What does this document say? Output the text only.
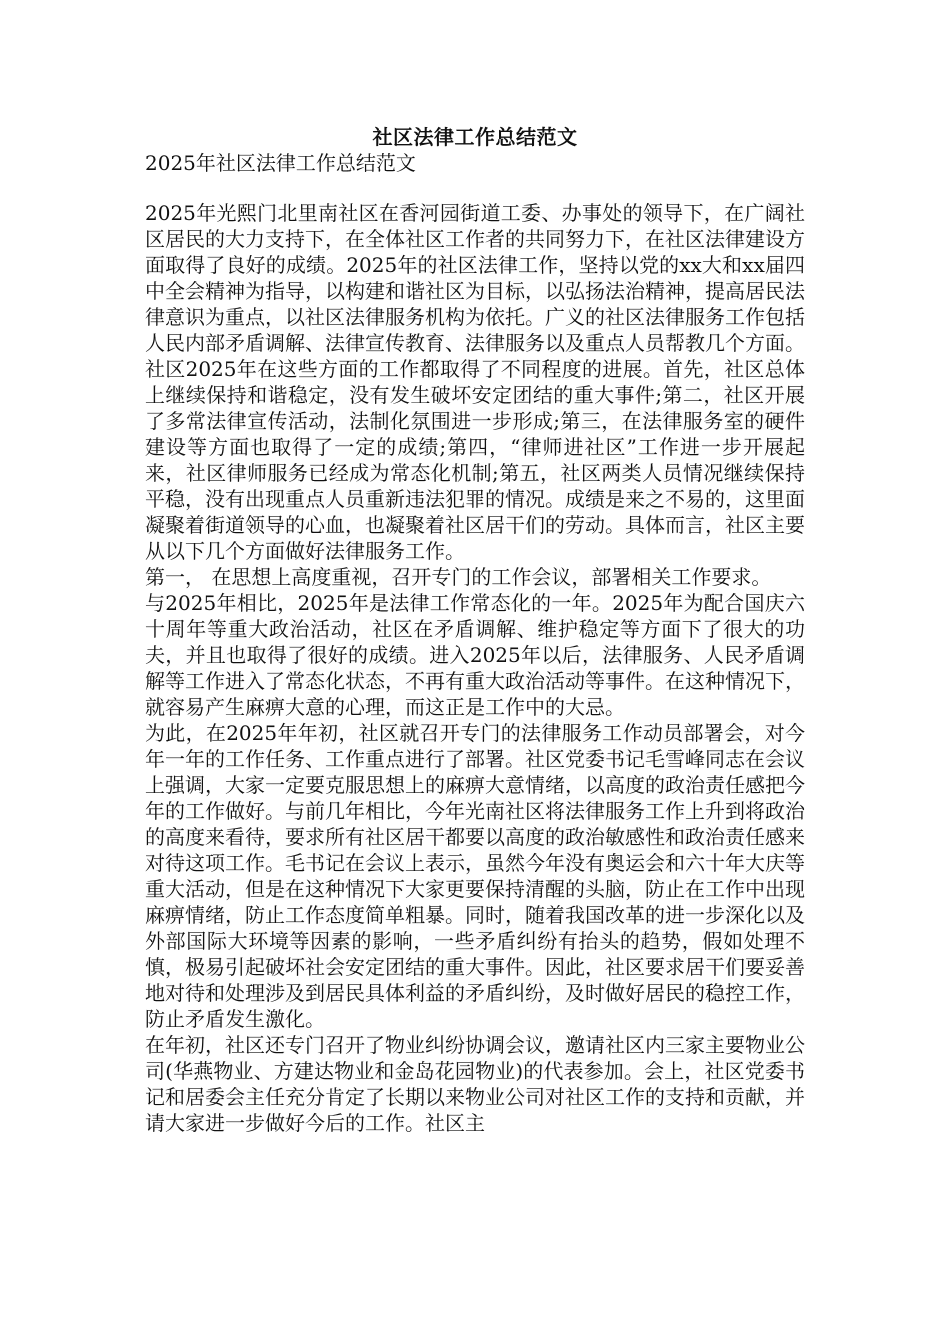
社区法律工作总结范文
2025年社区法律工作总结范文

2025年光熙门北里南社区在香河园街道工委、办事处的领导下，在广阔社区居民的大力支持下，在全体社区工作者的共同努力下，在社区法律建设方面取得了良好的成绩。2025年的社区法律工作，坚持以党的xx大和xx届四中全会精神为指导，以构建和谐社区为目标，以弘扬法治精神，提高居民法律意识为重点，以社区法律服务机构为依托。广义的社区法律服务工作包括人民内部矛盾调解、法律宣传教育、法律服务以及重点人员帮教几个方面。社区2025年在这些方面的工作都取得了不同程度的进展。首先，社区总体上继续保持和谐稳定，没有发生破坏安定团结的重大事件;第二，社区开展了多常法律宣传活动，法制化氛围进一步形成;第三，在法律服务室的硬件建设等方面也取得了一定的成绩;第四，“律师进社区”工作进一步开展起来，社区律师服务已经成为常态化机制;第五，社区两类人员情况继续保持平稳，没有出现重点人员重新违法犯罪的情况。成绩是来之不易的，这里面凝聚着街道领导的心血，也凝聚着社区居干们的劳动。具体而言，社区主要从以下几个方面做好法律服务工作。

第一， 在思想上高度重视，召开专门的工作会议，部署相关工作要求。

与2025年相比，2025年是法律工作常态化的一年。2025年为配合国庆六十周年等重大政治活动，社区在矛盾调解、维护稳定等方面下了很大的功夫，并且也取得了很好的成绩。进入2025年以后，法律服务、人民矛盾调解等工作进入了常态化状态，不再有重大政治活动等事件。在这种情况下，就容易产生麻痹大意的心理，而这正是工作中的大忌。

为此，在2025年年初，社区就召开专门的法律服务工作动员部署会，对今年一年的工作任务、工作重点进行了部署。社区党委书记毛雪峰同志在会议上强调，大家一定要克服思想上的麻痹大意情绪，以高度的政治责任感把今年的工作做好。与前几年相比，今年光南社区将法律服务工作上升到将政治的高度来看待，要求所有社区居干都要以高度的政治敏感性和政治责任感来对待这项工作。毛书记在会议上表示，虽然今年没有奥运会和六十年大庆等重大活动，但是在这种情况下大家更要保持清醒的头脑，防止在工作中出现麻痹情绪，防止工作态度简单粗暴。同时，随着我国改革的进一步深化以及外部国际大环境等因素的影响，一些矛盾纠纷有抬头的趋势，假如处理不慎，极易引起破坏社会安定团结的重大事件。因此，社区要求居干们要妥善地对待和处理涉及到居民具体利益的矛盾纠纷，及时做好居民的稳控工作，防止矛盾发生激化。

在年初，社区还专门召开了物业纠纷协调会议，邀请社区内三家主要物业公司(华燕物业、方建达物业和金岛花园物业)的代表参加。会上，社区党委书记和居委会主任充分肯定了长期以来物业公司对社区工作的支持和贡献，并请大家进一步做好今后的工作。社区主
